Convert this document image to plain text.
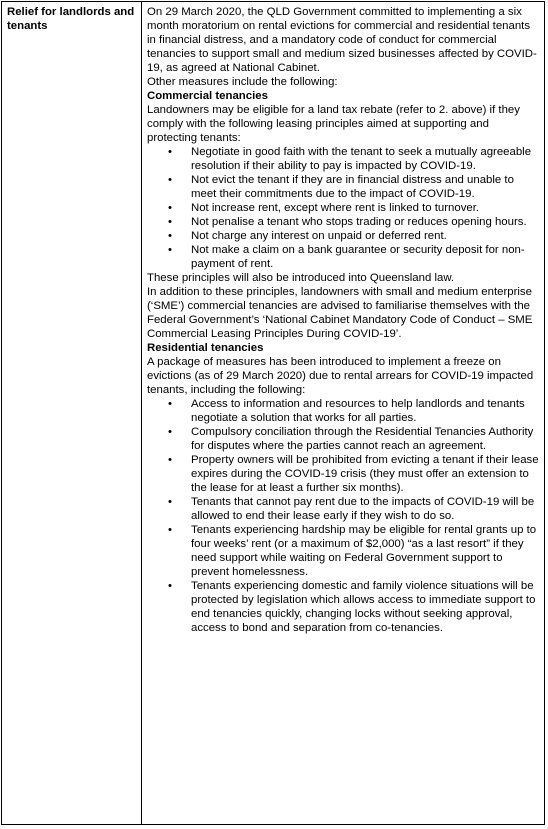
Relief for landlords and tenants	

On 29 March 2020, the QLD Government committed to implementing a six month moratorium on rental evictions for commercial and residential tenants in financial distress, and a mandatory code of conduct for commercial tenancies to support small and medium sized businesses affected by COVID-19, as agreed at National Cabinet.

Other measures include the following:

Commercial tenancies

Landowners may be eligible for a land tax rebate (refer to 2. above) if they comply with the following leasing principles aimed at supporting and protecting tenants:

• Negotiate in good faith with the tenant to seek a mutually agreeable resolution if their ability to pay is impacted by COVID-19.
• Not evict the tenant if they are in financial distress and unable to meet their commitments due to the impact of COVID-19.
• Not increase rent, except where rent is linked to turnover.
• Not penalise a tenant who stops trading or reduces opening hours.
• Not charge any interest on unpaid or deferred rent.
• Not make a claim on a bank guarantee or security deposit for non-payment of rent.

These principles will also be introduced into Queensland law.

In addition to these principles, landowners with small and medium enterprise (‘SME’) commercial tenancies are advised to familiarise themselves with the Federal Government’s ‘National Cabinet Mandatory Code of Conduct – SME Commercial Leasing Principles During COVID-19’.

Residential tenancies

A package of measures has been introduced to implement a freeze on evictions (as of 29 March 2020) due to rental arrears for COVID-19 impacted tenants, including the following:

• Access to information and resources to help landlords and tenants negotiate a solution that works for all parties.
• Compulsory conciliation through the Residential Tenancies Authority for disputes where the parties cannot reach an agreement.
• Property owners will be prohibited from evicting a tenant if their lease expires during the COVID-19 crisis (they must offer an extension to the lease for at least a further six months).
• Tenants that cannot pay rent due to the impacts of COVID-19 will be allowed to end their lease early if they wish to do so.
• Tenants experiencing hardship may be eligible for rental grants up to four weeks’ rent (or a maximum of $2,000) “as a last resort” if they need support while waiting on Federal Government support to prevent homelessness.
• Tenants experiencing domestic and family violence situations will be protected by legislation which allows access to immediate support to end tenancies quickly, changing locks without seeking approval, access to bond and separation from co-tenancies.
